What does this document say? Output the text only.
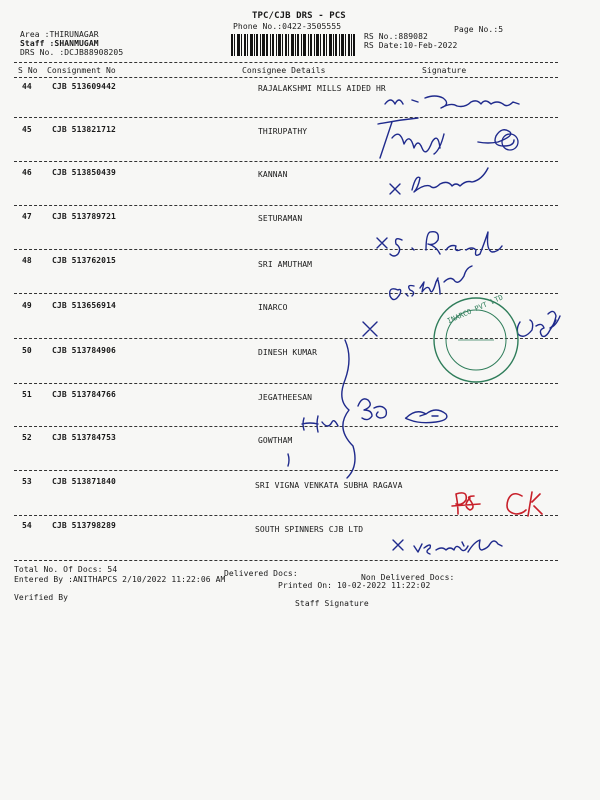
TPC/CJB DRS - PCS
Phone No.:0422-3505555	Page No.:5
Area :THIRUNAGAR
Staff :SHANMUGAM
DRS No. :DCJB88908205
RS No.:889082
RS Date:10-Feb-2022
S No Consignment No	Consignee Details	Signature
44	CJB 513609442	RAJALAKSHMI MILLS AIDED HR
45	CJB 513821712	THIRUPATHY
46	CJB 513850439	KANNAN
47	CJB 513789721	SETURAMAN
48	CJB 513762015	SRI AMUTHAM
49	CJB 513656914	INARCO
50	CJB 513784906	DINESH KUMAR
51	CJB 513784766	JEGATHEESAN
52	CJB 513784753	GOWTHAM
53	CJB 513871840	SRI VIGNA VENKATA SUBHA RAGAVA
54	CJB 513798289	SOUTH SPINNERS CJB LTD
Total No. Of Docs: 54	Delivered Docs:	Non Delivered Docs:
Entered By :ANITHAPCS 2/10/2022 11:22:06 AM
Printed On: 10-02-2022 11:22:02
Verified By
Staff Signature
INARCO PVT LTD
